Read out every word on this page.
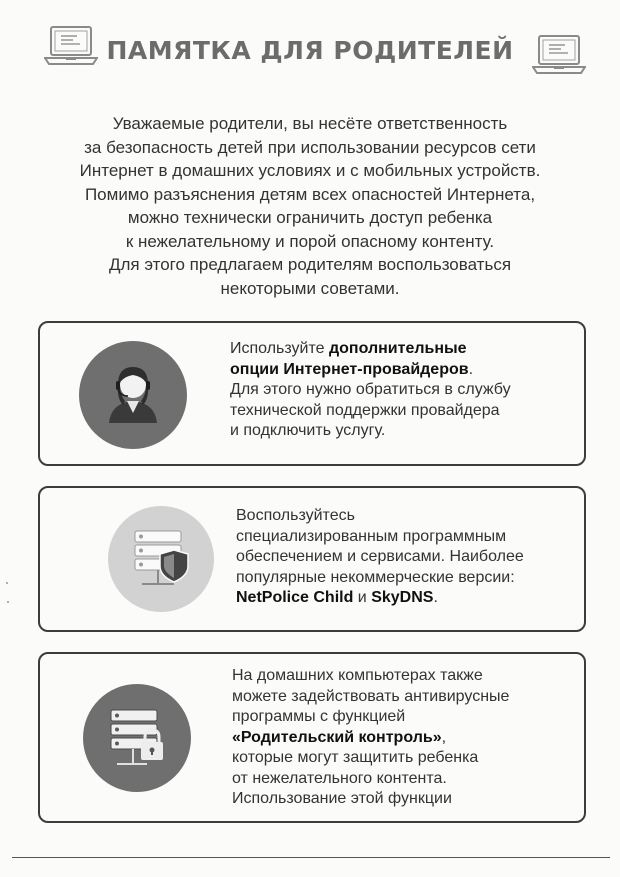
ПАМЯТКА ДЛЯ РОДИТЕЛЕЙ

Уважаемые родители, вы несёте ответственность

за безопасность детей при использовании ресурсов сети

Интернет в домашних условиях и с мобильных устройств.

Помимо разъяснения детям всех опасностей Интернета,

можно технически ограничить доступ ребенка

к нежелательному и порой опасному контенту.

Для этого предлагаем родителям воспользоваться

некоторыми советами.

Используйте дополнительные
опции Интернет-провайдеров.
Для этого нужно обратиться в службу
технической поддержки провайдера
и подключить услугу.
Воспользуйтесь
специализированным программным
обеспечением и сервисами. Наиболее
популярные некоммерческие версии:
NetPolice Child и SkyDNS.
На домашних компьютерах также
можете задействовать антивирусные
программы с функцией
«Родительский контроль»,
которые могут защитить ребенка
от нежелательного контента.
Использование этой функции
